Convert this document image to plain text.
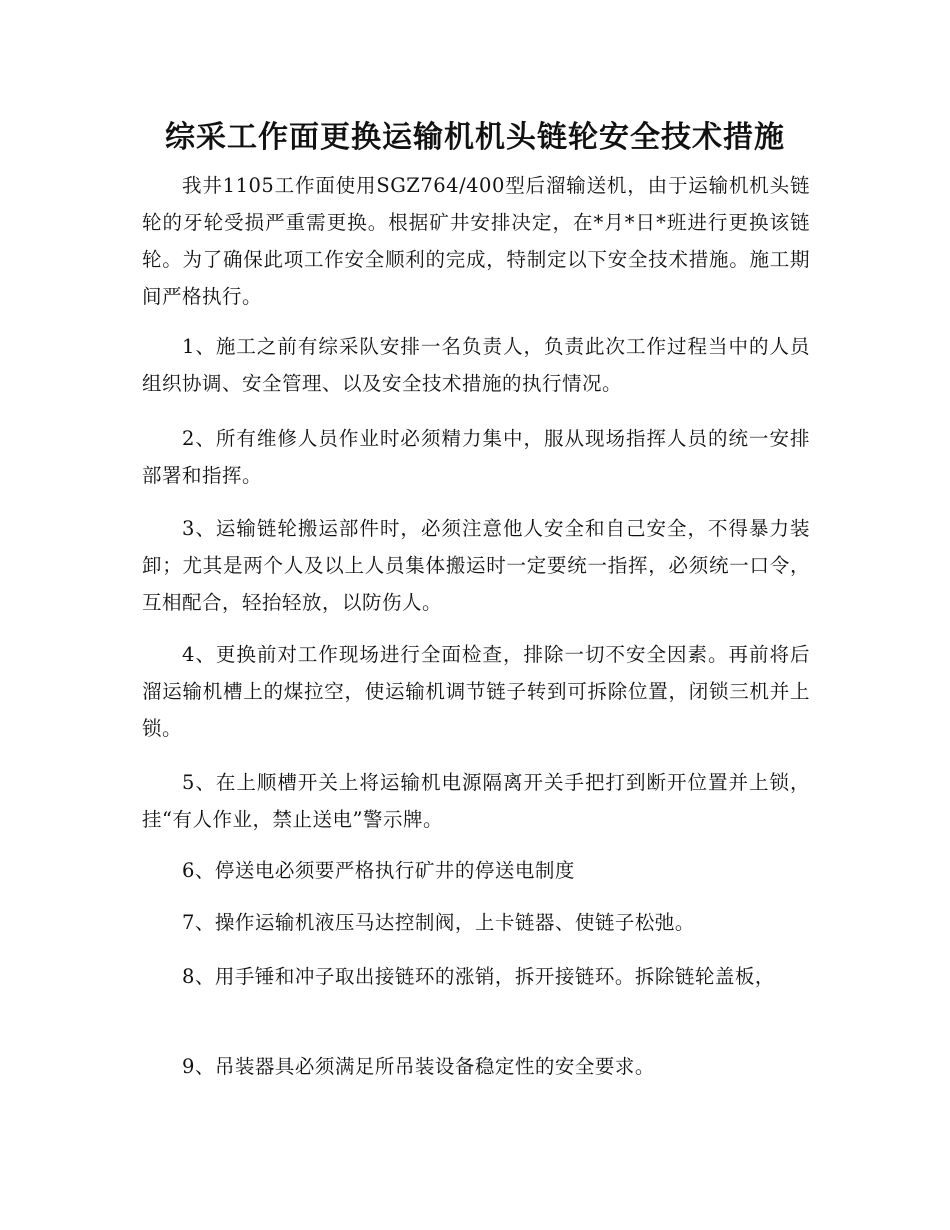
综采工作面更换运输机机头链轮安全技术措施

我井1105工作面使用SGZ764/400型后溜输送机，由于运输机机头链轮的牙轮受损严重需更换。根据矿井安排决定，在*月*日*班进行更换该链轮。为了确保此项工作安全顺利的完成，特制定以下安全技术措施。施工期间严格执行。

1、施工之前有综采队安排一名负责人，负责此次工作过程当中的人员组织协调、安全管理、以及安全技术措施的执行情况。

2、所有维修人员作业时必须精力集中，服从现场指挥人员的统一安排部署和指挥。

3、运输链轮搬运部件时，必须注意他人安全和自己安全，不得暴力装卸；尤其是两个人及以上人员集体搬运时一定要统一指挥，必须统一口令，互相配合，轻抬轻放，以防伤人。

4、更换前对工作现场进行全面检查，排除一切不安全因素。再前将后溜运输机槽上的煤拉空，使运输机调节链子转到可拆除位置，闭锁三机并上锁。

5、在上顺槽开关上将运输机电源隔离开关手把打到断开位置并上锁，挂“有人作业，禁止送电”警示牌。

6、停送电必须要严格执行矿井的停送电制度

7、操作运输机液压马达控制阀，上卡链器、使链子松弛。

8、用手锤和冲子取出接链环的涨销，拆开接链环。拆除链轮盖板，

9、吊装器具必须满足所吊装设备稳定性的安全要求。
